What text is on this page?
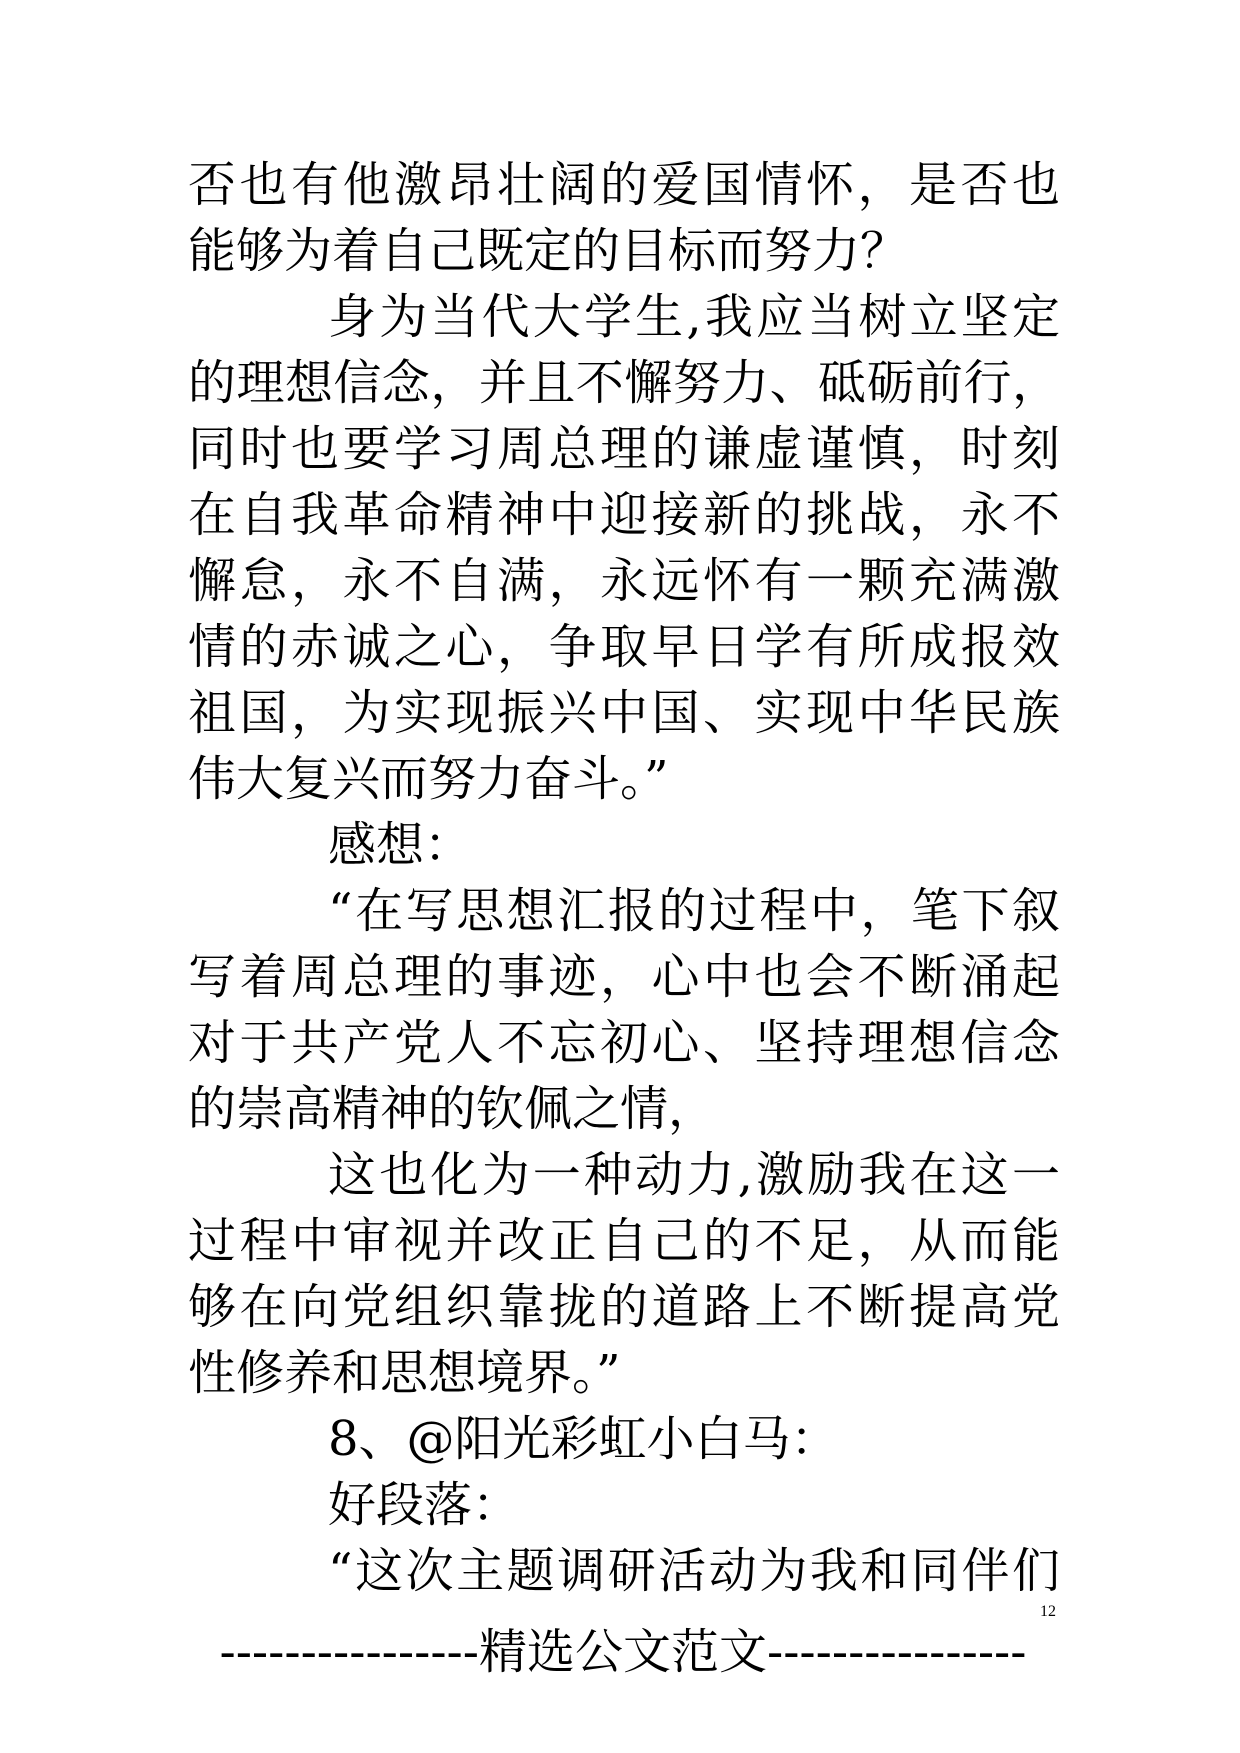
否也有他激昂壮阔的爱国情怀，是否也
能够为着自己既定的目标而努力？
身为当代大学生,我应当树立坚定
的理想信念，并且不懈努力、砥砺前行，
同时也要学习周总理的谦虚谨慎，时刻
在自我革命精神中迎接新的挑战，永不
懈怠，永不自满，永远怀有一颗充满激
情的赤诚之心，争取早日学有所成报效
祖国，为实现振兴中国、实现中华民族
伟大复兴而努力奋斗。”
感想：
“在写思想汇报的过程中，笔下叙
写着周总理的事迹，心中也会不断涌起
对于共产党人不忘初心、坚持理想信念
的崇高精神的钦佩之情，
这也化为一种动力,激励我在这一
过程中审视并改正自己的不足，从而能
够在向党组织靠拢的道路上不断提高党
性修养和思想境界。”
8、@阳光彩虹小白马：
好段落：
“这次主题调研活动为我和同伴们
12
----------------精选公文范文----------------
